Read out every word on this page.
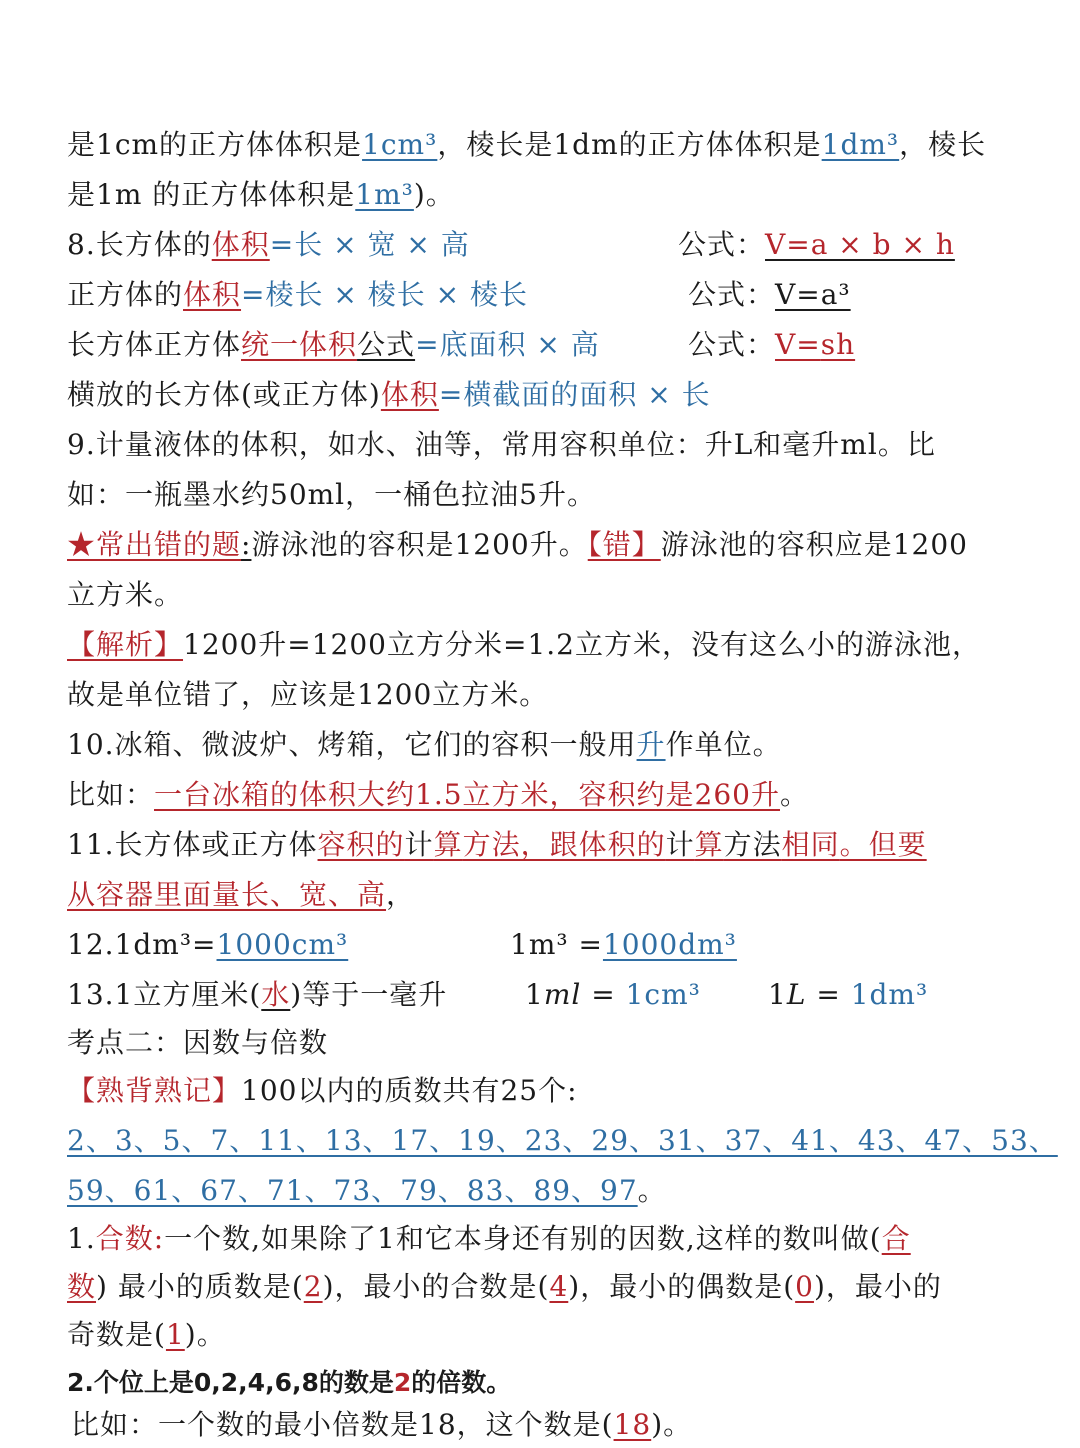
是1cm的正方体体积是1cm³，棱长是1dm的正方体体积是1dm³，棱长
是1m 的正方体体积是1m³)。
8.长方体的体积=长 × 宽 × 高	公式：V=a × b × h
正方体的体积=棱长 × 棱长 × 棱长	公式：V=a³
长方体正方体统一体积公式=底面积 × 高	公式：V=sh
横放的长方体(或正方体)体积=横截面的面积 × 长
9.计量液体的体积，如水、油等，常用容积单位：升L和毫升ml。比
如：一瓶墨水约50ml，一桶色拉油5升。
★常出错的题:游泳池的容积是1200升。【错】游泳池的容积应是1200
立方米。
【解析】1200升=1200立方分米=1.2立方米，没有这么小的游泳池，
故是单位错了，应该是1200立方米。
10.冰箱、微波炉、烤箱，它们的容积一般用升作单位。
比如：一台冰箱的体积大约1.5立方米，容积约是260升。
11.长方体或正方体容积的计算方法，跟体积的计算方法相同。但要
从容器里面量长、宽、高，
12.1dm³=1000cm³	1m³ =1000dm³
13.1立方厘米(水)等于一毫升	1ml = 1cm³ 1L = 1dm³
考点二：因数与倍数
【熟背熟记】100以内的质数共有25个:
2、3、5、7、11、13、17、19、23、29、31、37、41、43、47、53、
59、61、67、71、73、79、83、89、97。
1.合数:一个数,如果除了1和它本身还有别的因数,这样的数叫做(合
数) 最小的质数是(2)，最小的合数是(4)，最小的偶数是(0)，最小的
奇数是(1)。
2.个位上是0,2,4,6,8的数是2的倍数。
比如：一个数的最小倍数是18，这个数是(18)。
